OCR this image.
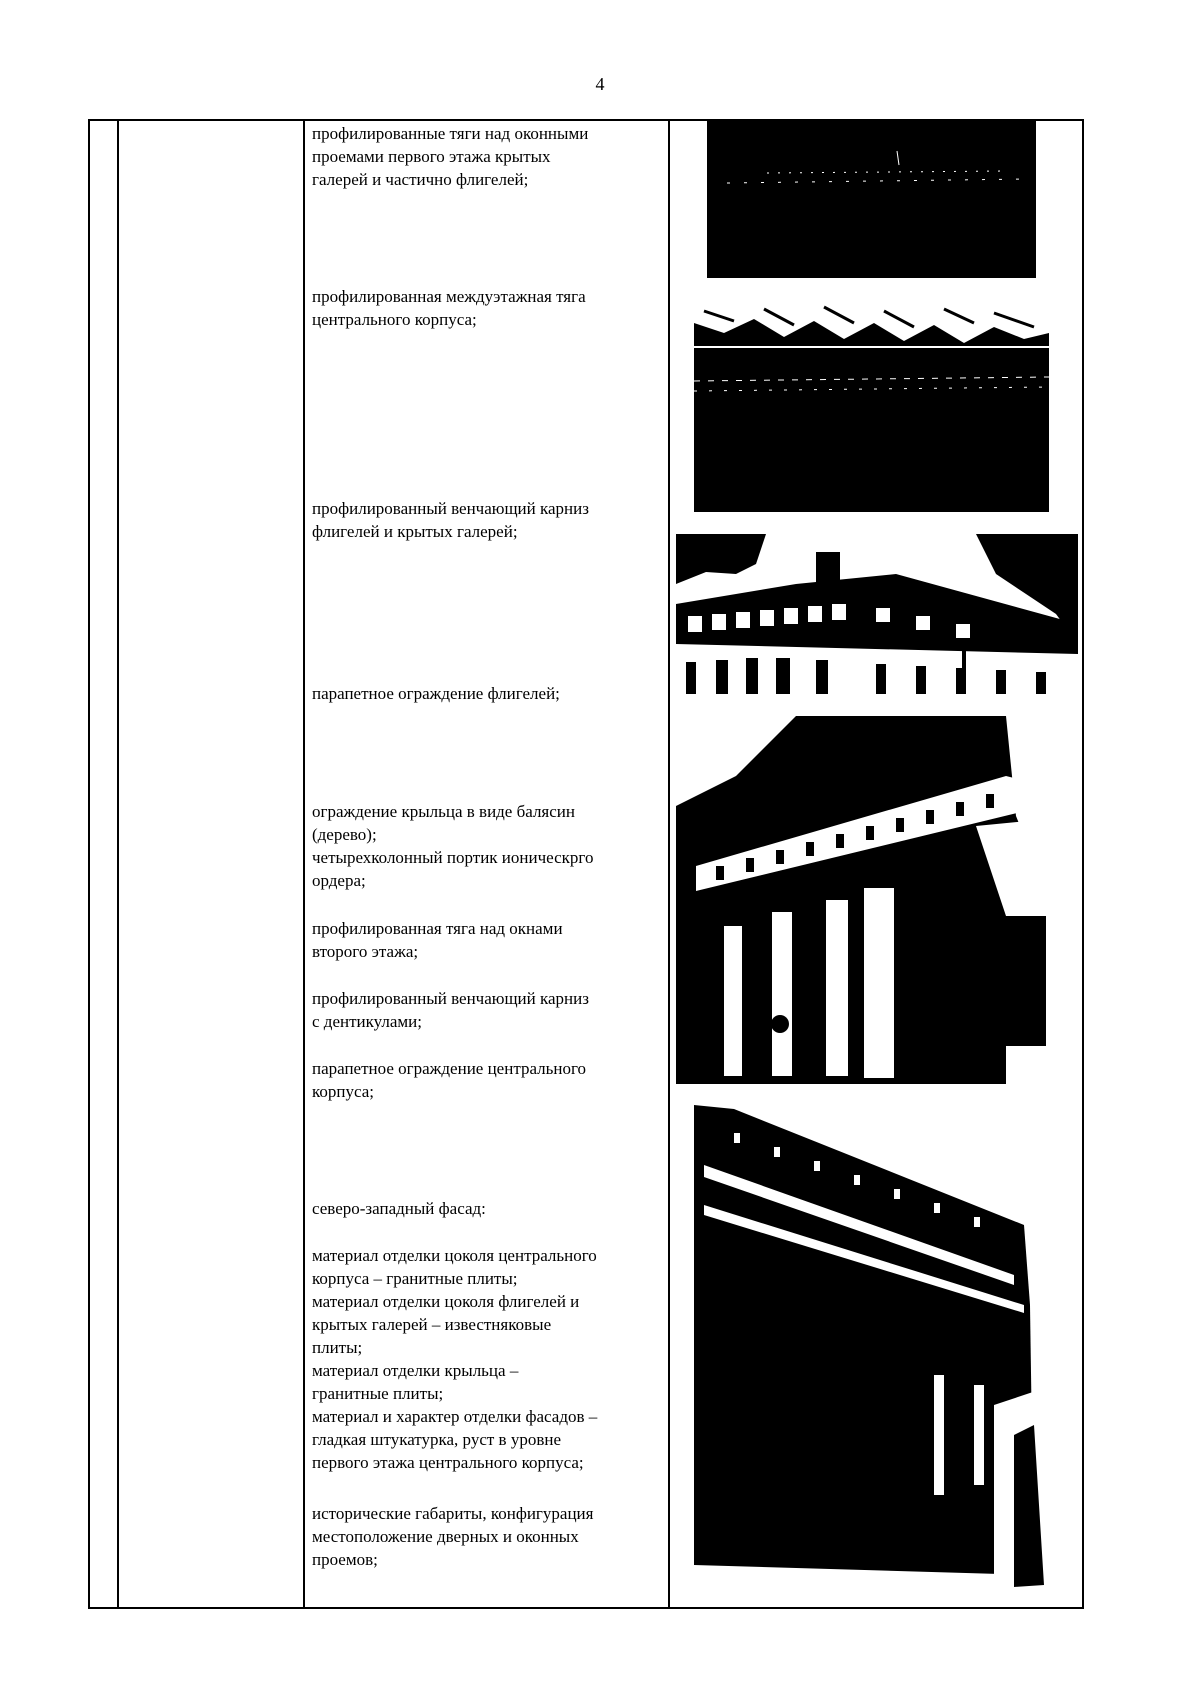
4

профилированные тяги над оконными

проемами первого этажа крытых

галерей и частично флигелей;

профилированная междуэтажная тяга

центрального корпуса;

профилированный венчающий карниз

флигелей и крытых галерей;

парапетное ограждение флигелей;

ограждение крыльца в виде балясин

(дерево);

четырехколонный портик ионическрго

ордера;

профилированная тяга над окнами

второго этажа;

профилированный венчающий карниз

с дентикулами;

парапетное ограждение центрального

корпуса;

северо-западный фасад:

материал отделки цоколя центрального

корпуса – гранитные плиты;

материал отделки цоколя флигелей и

крытых галерей – известняковые

плиты;

материал отделки крыльца –

гранитные плиты;

материал и характер отделки фасадов –

гладкая штукатурка, руст в уровне

первого этажа центрального корпуса;

исторические габариты, конфигурация

местоположение дверных и оконных

проемов;
